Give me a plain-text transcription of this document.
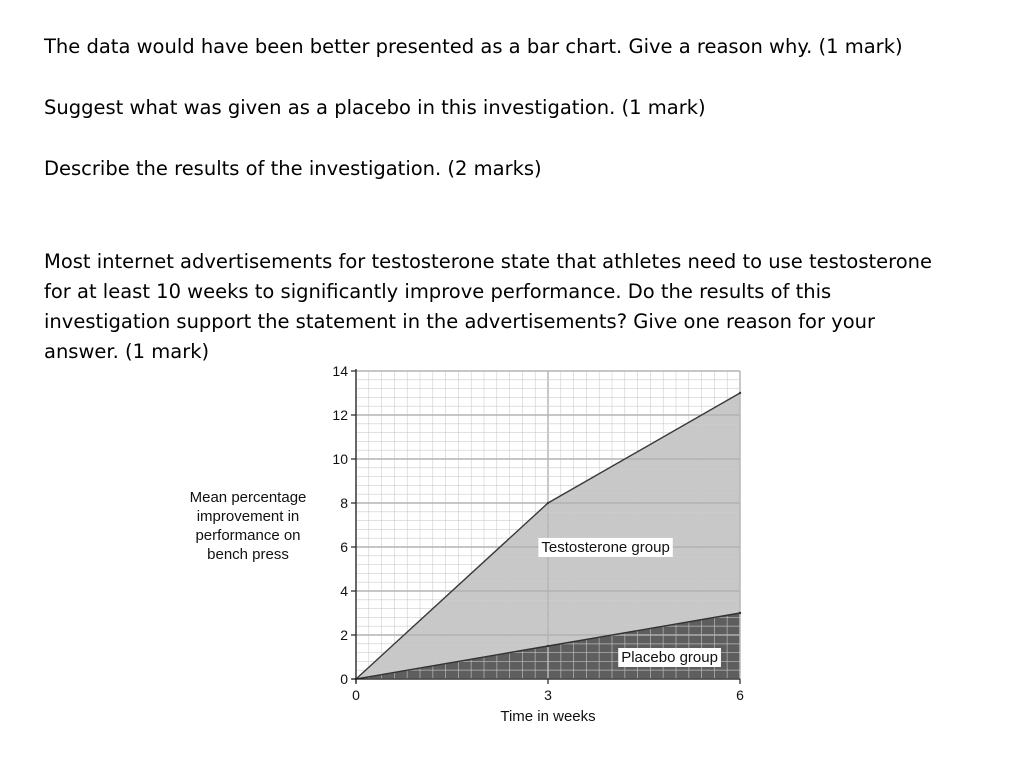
The data would have been better presented as a bar chart. Give a reason why. (1 mark)

Suggest what was given as a placebo in this investigation. (1 mark)

Describe the results of the investigation. (2 marks)

Most internet advertisements for testosterone state that athletes need to use testosterone
for at least 10 weeks to significantly improve performance. Do the results of this
investigation support the statement in the advertisements? Give one reason for your
answer. (1 mark)

0
2
4
6
8
10
12
14
0	3	6
Testosterone group
Placebo group
Time in weeks
Mean percentage
improvement in
performance on
bench press
